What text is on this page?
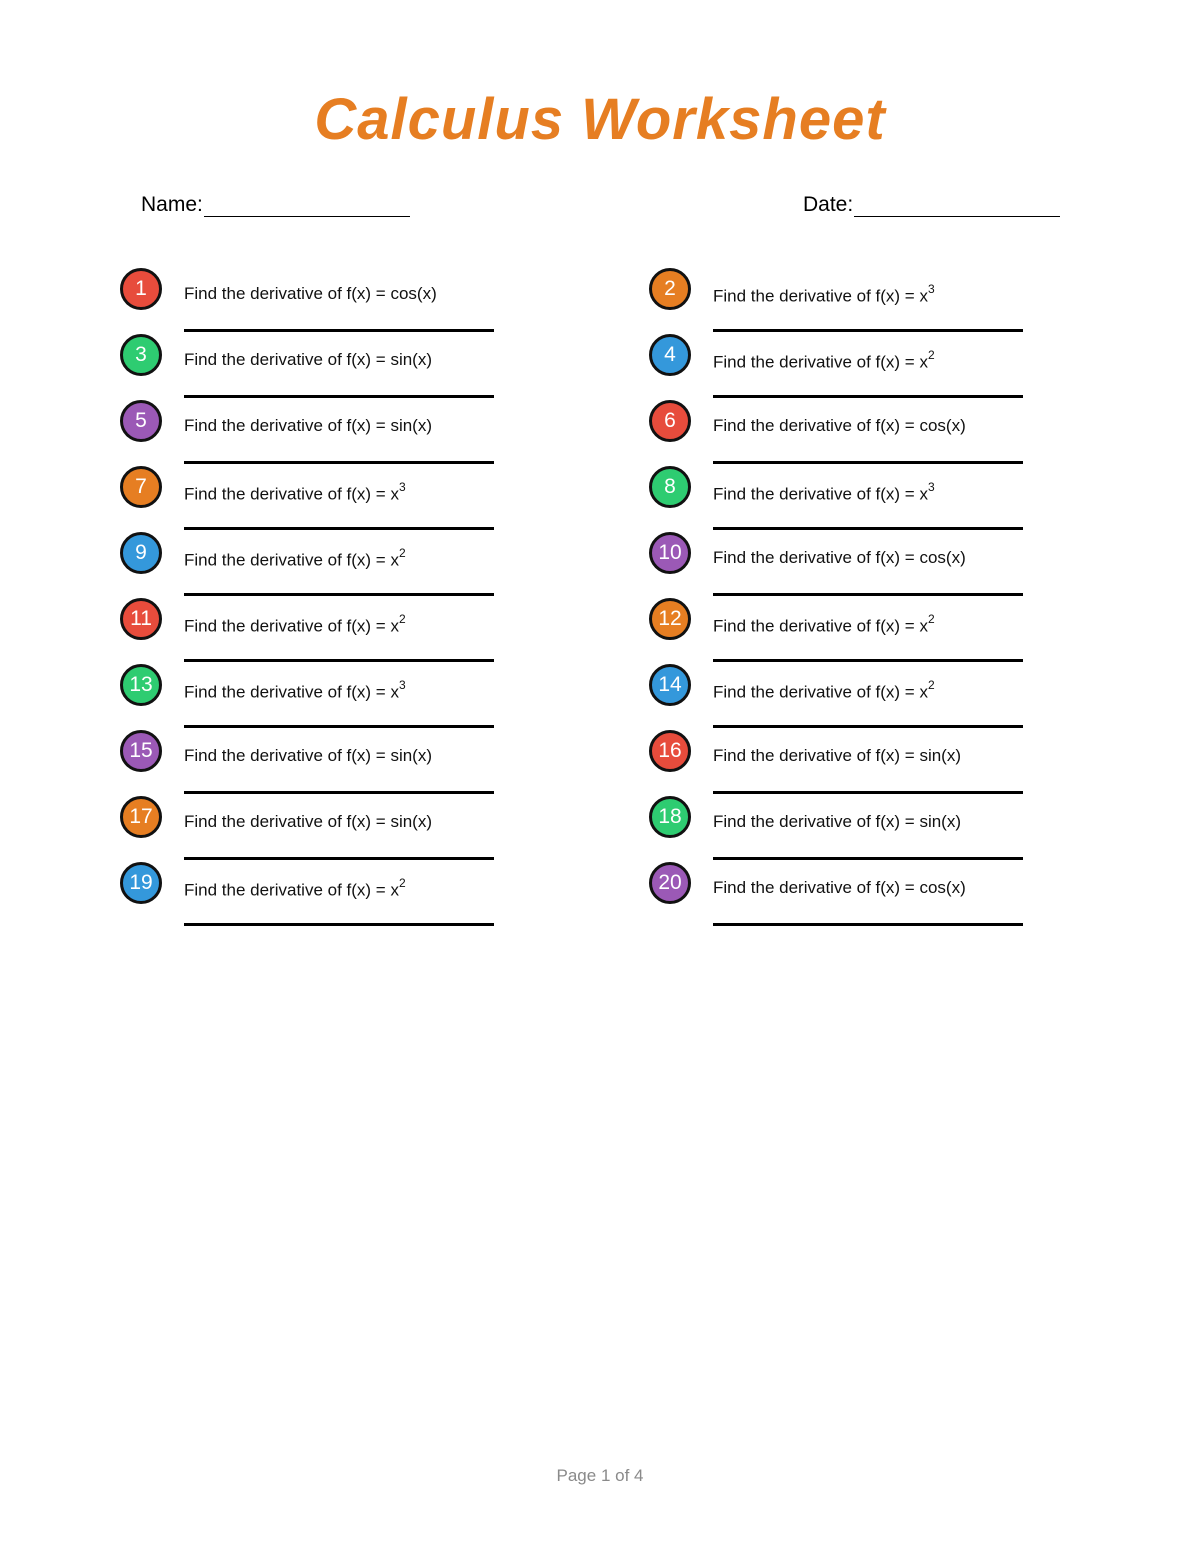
Calculus Worksheet
Name:	Date:
1 Find the derivative of f(x) = cos(x)	2 Find the derivative of $f(x) = x^3$
3 Find the derivative of f(x) = sin(x)	4 Find the derivative of $f(x) = x^2$
5 Find the derivative of f(x) = sin(x)	6 Find the derivative of f(x) = cos(x)
7 Find the derivative of $f(x) = x^3$	8 Find the derivative of $f(x) = x^3$
9 Find the derivative of $f(x) = x^2$	10 Find the derivative of f(x) = cos(x)
11 Find the derivative of $f(x) = x^2$	12 Find the derivative of $f(x) = x^2$
13 Find the derivative of $f(x) = x^3$	14 Find the derivative of $f(x) = x^2$
15 Find the derivative of f(x) = sin(x)	16 Find the derivative of f(x) = sin(x)
17 Find the derivative of f(x) = sin(x)	18 Find the derivative of f(x) = sin(x)
19 Find the derivative of $f(x) = x^2$	20 Find the derivative of f(x) = cos(x)
Page 1 of 4
